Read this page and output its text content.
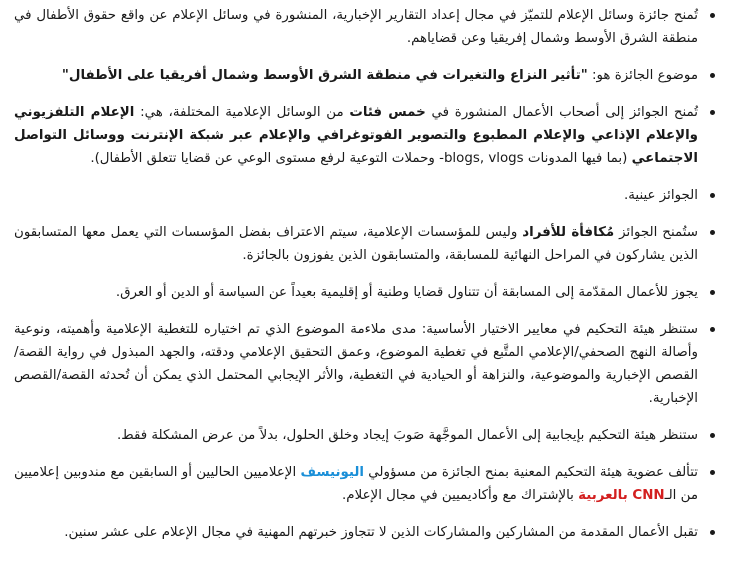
تُمنح جائزة وسائل الإعلام للتميّز في مجال إعداد التقارير الإخبارية، المنشورة في وسائل الإعلام عن واقع حقوق الأطفال في منطقة الشرق الأوسط وشمال إفريقيا وعن قضاياهم.
موضوع الجائزة هو: "تأثير النزاع والتغيرات في منطقة الشرق الأوسط وشمال أفريقيا على الأطفال"
تُمنح الجوائز إلى أصحاب الأعمال المنشورة في خمس فئات من الوسائل الإعلامية المختلفة، هي: الإعلام التلفزيوني والإعلام الإذاعي والإعلام المطبوع والتصوير الفوتوغرافي والإعلام عبر شبكة الإنترنت ووسائل التواصل الاجتماعي (بما فيها المدونات blogs, vlogs- وحملات التوعية لرفع مستوى الوعي عن قضايا تتعلق الأطفال).
الجوائز عينية.
ستُمنح الجوائز مُكافأة للأفراد وليس للمؤسسات الإعلامية، سيتم الاعتراف بفضل المؤسسات التي يعمل معها المتسابقون الذين يشاركون في المراحل النهائية للمسابقة، والمتسابقون الذين يفوزون بالجائزة.
يجوز للأعمال المقدّمة إلى المسابقة أن تتناول قضايا وطنية أو إقليمية بعيداً عن السياسة أو الدين أو العرق.
ستنظر هيئة التحكيم في معايير الاختيار الأساسية: مدى ملاءمة الموضوع الذي تم اختياره للتغطية الإعلامية وأهميته، ونوعية وأصالة النهج الصحفي/الإعلامي المتَّبع في تغطية الموضوع، وعمق التحقيق الإعلامي ودقته، والجهد المبذول في رواية القصة/القصص الإخبارية والموضوعية، والنزاهة أو الحيادية في التغطية، والأثر الإيجابي المحتمل الذي يمكن أن تُحدثه القصة/القصص الإخبارية.
ستنظر هيئة التحكيم بإيجابية إلى الأعمال الموجَّهة صَوبَ إيجاد وخلق الحلول، بدلاً من عرض المشكلة فقط.
تتألف عضوية هيئة التحكيم المعنية بمنح الجائزة من مسؤولي اليونيسف الإعلاميين الحاليين أو السابقين مع مندوبين إعلاميين من الـCNN بالعربية بالإشتراك مع وأكاديميين في مجال الإعلام.
تقبل الأعمال المقدمة من المشاركين والمشاركات الذين لا تتجاوز خبرتهم المهنية في مجال الإعلام على عشر سنين.
